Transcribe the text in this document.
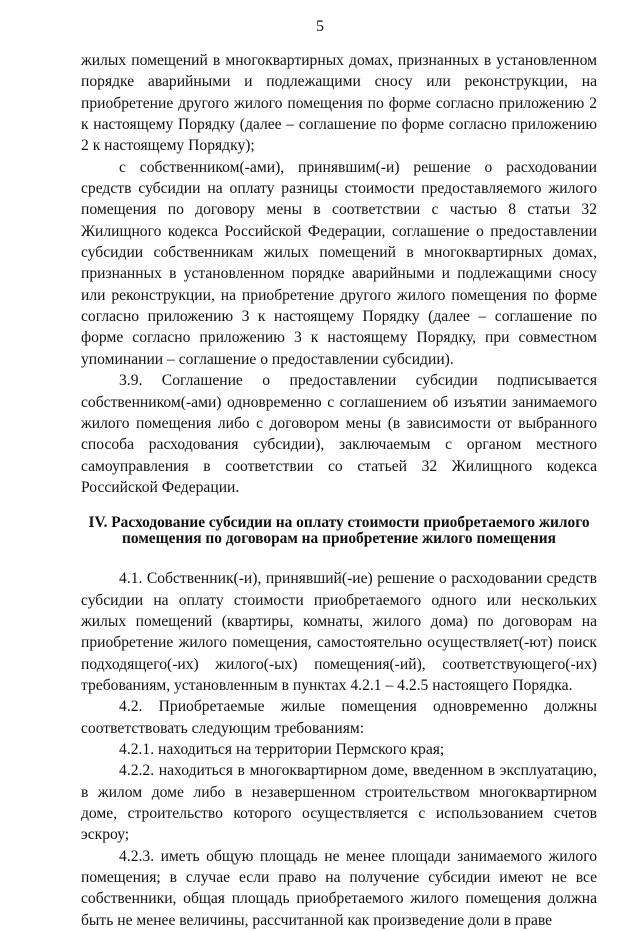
5

жилых помещений в многоквартирных домах, признанных в установленном порядке аварийными и подлежащими сносу или реконструкции, на приобретение другого жилого помещения по форме согласно приложению 2 к настоящему Порядку (далее – соглашение по форме согласно приложению 2 к настоящему Порядку);

с собственником(-ами), принявшим(-и) решение о расходовании средств субсидии на оплату разницы стоимости предоставляемого жилого помещения по договору мены в соответствии с частью 8 статьи 32 Жилищного кодекса Российской Федерации, соглашение о предоставлении субсидии собственникам жилых помещений в многоквартирных домах, признанных в установленном порядке аварийными и подлежащими сносу или реконструкции, на приобретение другого жилого помещения по форме согласно приложению 3 к настоящему Порядку (далее – соглашение по форме согласно приложению 3 к настоящему Порядку, при совместном упоминании – соглашение о предоставлении субсидии).

3.9. Соглашение о предоставлении субсидии подписывается собственником(-ами) одновременно с соглашением об изъятии занимаемого жилого помещения либо с договором мены (в зависимости от выбранного способа расходования субсидии), заключаемым с органом местного самоуправления в соответствии со статьей 32 Жилищного кодекса Российской Федерации.

IV. Расходование субсидии на оплату стоимости приобретаемого жилого помещения по договорам на приобретение жилого помещения

4.1. Собственник(-и), принявший(-ие) решение о расходовании средств субсидии на оплату стоимости приобретаемого одного или нескольких жилых помещений (квартиры, комнаты, жилого дома) по договорам на приобретение жилого помещения, самостоятельно осуществляет(-ют) поиск подходящего(-их) жилого(-ых) помещения(-ий), соответствующего(-их) требованиям, установленным в пунктах 4.2.1 – 4.2.5 настоящего Порядка.

4.2. Приобретаемые жилые помещения одновременно должны соответствовать следующим требованиям:

4.2.1. находиться на территории Пермского края;

4.2.2. находиться в многоквартирном доме, введенном в эксплуатацию, в жилом доме либо в незавершенном строительством многоквартирном доме, строительство которого осуществляется с использованием счетов эскроу;

4.2.3. иметь общую площадь не менее площади занимаемого жилого помещения; в случае если право на получение субсидии имеют не все собственники, общая площадь приобретаемого жилого помещения должна быть не менее величины, рассчитанной как произведение доли в праве
